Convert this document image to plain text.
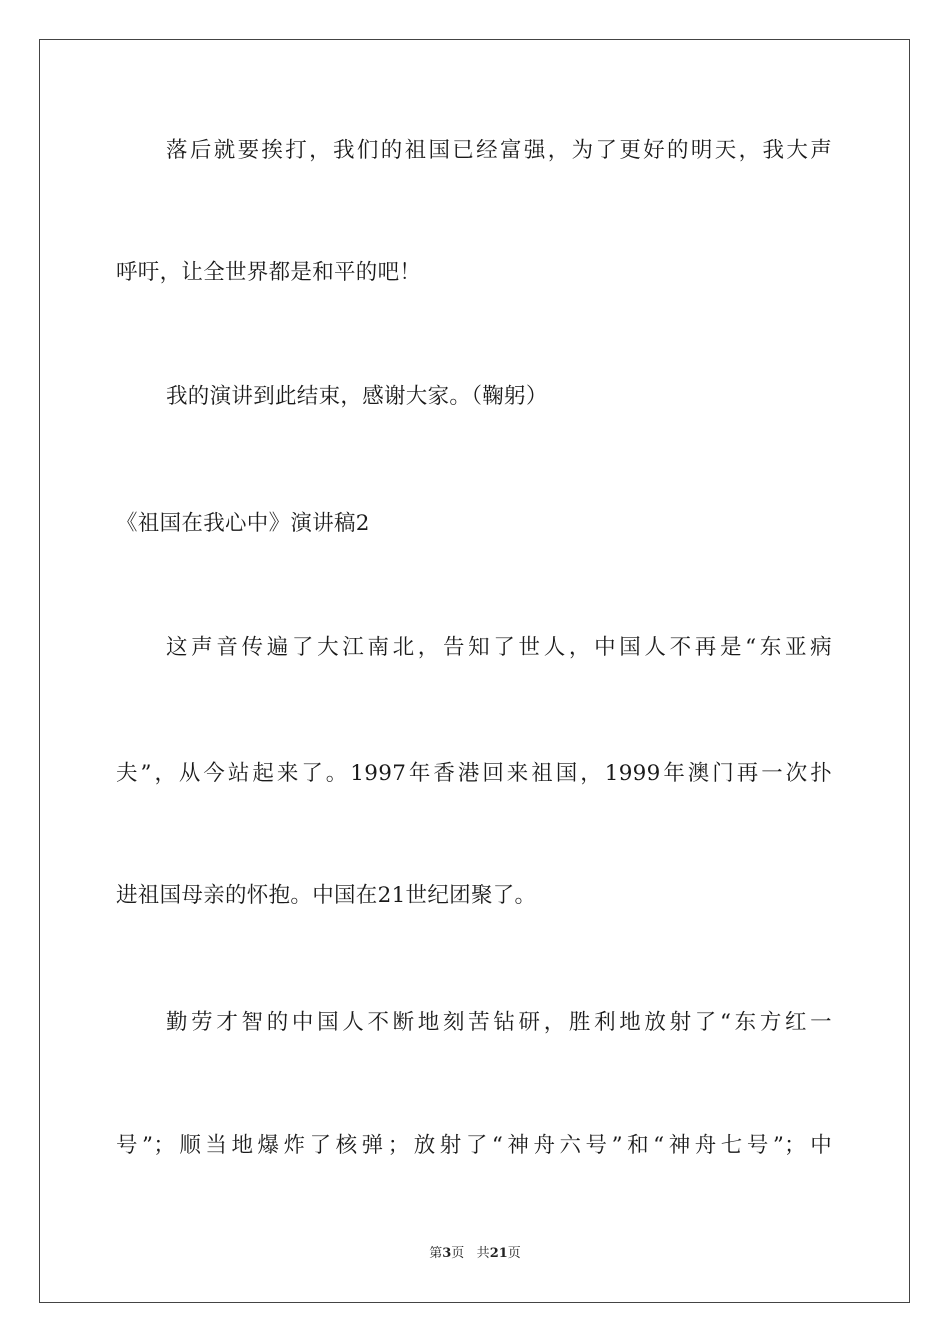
落后就要挨打，我们的祖国已经富强，为了更好的明天，我大声
呼吁，让全世界都是和平的吧！
我的演讲到此结束，感谢大家。（鞠躬）
《祖国在我心中》演讲稿2
这声音传遍了大江南北，告知了世人，中国人不再是“东亚病
夫”，从今站起来了。1997年香港回来祖国，1999年澳门再一次扑
进祖国母亲的怀抱。中国在21世纪团聚了。
勤劳才智的中国人不断地刻苦钻研，胜利地放射了“东方红一
号”；顺当地爆炸了核弹；放射了“神舟六号”和“神舟七号”；中
第3页 共21页
